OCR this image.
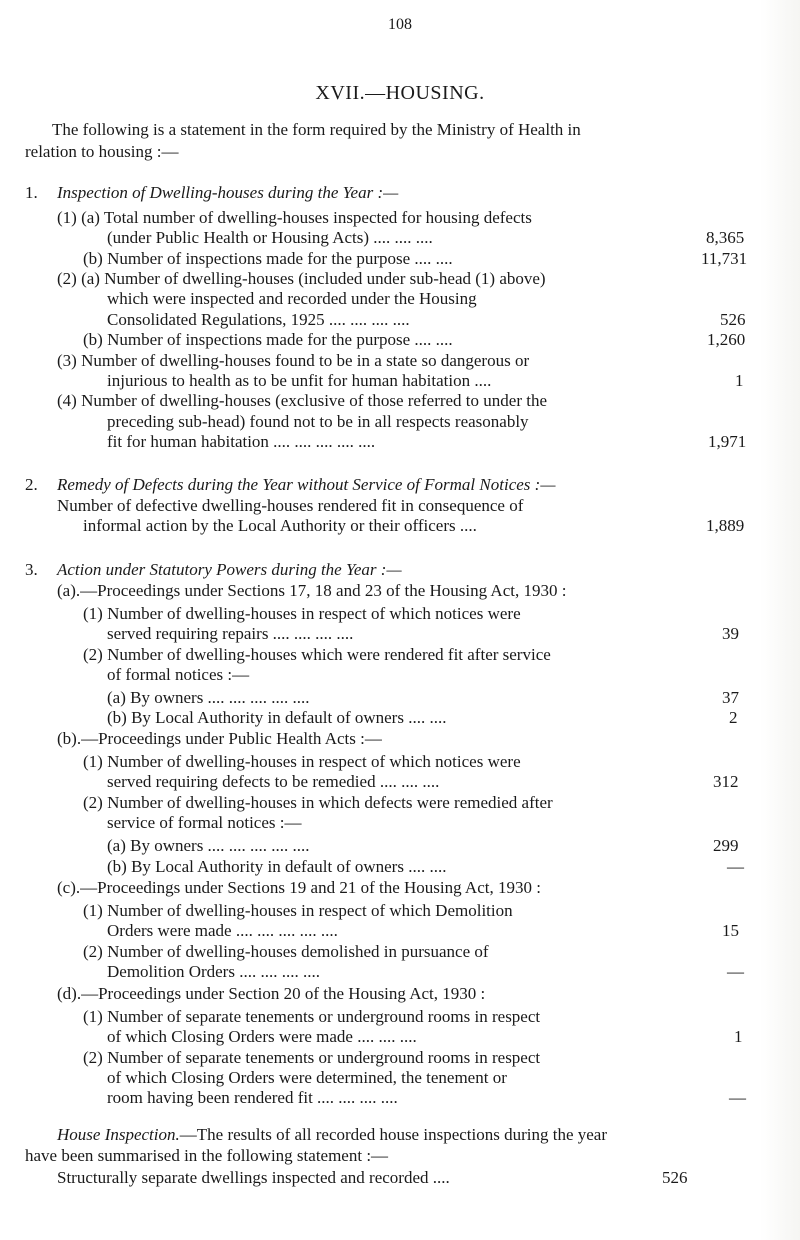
108
XVII.—HOUSING.
The following is a statement in the form required by the Ministry of Health in
relation to housing :—
1. Inspection of Dwelling-houses during the Year :—
(1) (a) Total number of dwelling-houses inspected for housing defects
(under Public Health or Housing Acts) .... .... ....	8,365
(b) Number of inspections made for the purpose .... ....	11,731
(2) (a) Number of dwelling-houses (included under sub-head (1) above)
which were inspected and recorded under the Housing
Consolidated Regulations, 1925 .... .... .... ....	526
(b) Number of inspections made for the purpose .... ....	1,260
(3) Number of dwelling-houses found to be in a state so dangerous or
injurious to health as to be unfit for human habitation ....	1
(4) Number of dwelling-houses (exclusive of those referred to under the
preceding sub-head) found not to be in all respects reasonably
fit for human habitation .... .... .... .... ....	1,971
2. Remedy of Defects during the Year without Service of Formal Notices :—
Number of defective dwelling-houses rendered fit in consequence of
informal action by the Local Authority or their officers ....	1,889
3. Action under Statutory Powers during the Year :—
(a).—Proceedings under Sections 17, 18 and 23 of the Housing Act, 1930 :
(1) Number of dwelling-houses in respect of which notices were
served requiring repairs .... .... .... ....	39
(2) Number of dwelling-houses which were rendered fit after service
of formal notices :—
(a) By owners .... .... .... .... ....	37
(b) By Local Authority in default of owners .... ....	2
(b).—Proceedings under Public Health Acts :—
(1) Number of dwelling-houses in respect of which notices were
served requiring defects to be remedied .... .... ....	312
(2) Number of dwelling-houses in which defects were remedied after
service of formal notices :—
(a) By owners .... .... .... .... ....	299
(b) By Local Authority in default of owners .... ....	—
(c).—Proceedings under Sections 19 and 21 of the Housing Act, 1930 :
(1) Number of dwelling-houses in respect of which Demolition
Orders were made .... .... .... .... ....	15
(2) Number of dwelling-houses demolished in pursuance of
Demolition Orders .... .... .... ....	—
(d).—Proceedings under Section 20 of the Housing Act, 1930 :
(1) Number of separate tenements or underground rooms in respect
of which Closing Orders were made .... .... ....	1
(2) Number of separate tenements or underground rooms in respect
of which Closing Orders were determined, the tenement or
room having been rendered fit .... .... .... ....	—
House Inspection.—The results of all recorded house inspections during the year
have been summarised in the following statement :—
Structurally separate dwellings inspected and recorded ....	526
